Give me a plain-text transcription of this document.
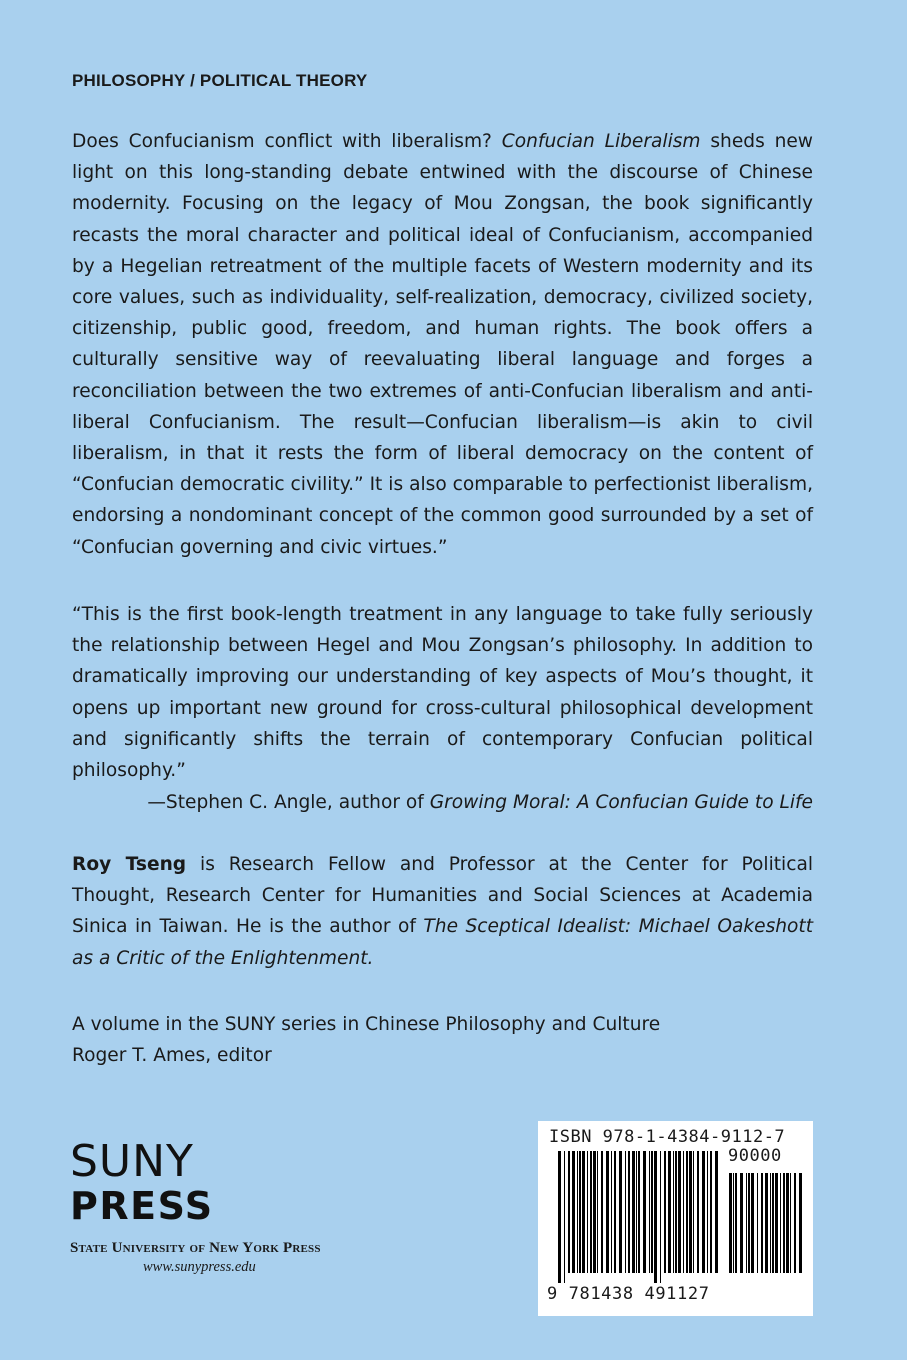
PHILOSOPHY / POLITICAL THEORY

Does Confucianism conflict with liberalism? Confucian Liberalism sheds new light on this long-standing debate entwined with the discourse of Chinese modernity. Focusing on the legacy of Mou Zongsan, the book significantly recasts the moral character and political ideal of Confucianism, accompanied by a Hegelian retreatment of the multiple facets of Western modernity and its core values, such as individuality, self-realization, democracy, civilized society, citizenship, public good, freedom, and human rights. The book offers a culturally sensitive way of reevaluating liberal language and forges a reconciliation between the two extremes of anti-Confucian liberalism and anti-liberal Confucianism. The result—Confucian liberalism—is akin to civil liberalism, in that it rests the form of liberal democracy on the content of “Confucian democratic civility.” It is also comparable to perfectionist liberalism, endorsing a nondominant concept of the common good surrounded by a set of “Confucian governing and civic virtues.”

“This is the first book-length treatment in any language to take fully seriously the relationship between Hegel and Mou Zongsan’s philosophy. In addition to dramatically improving our understanding of key aspects of Mou’s thought, it opens up important new ground for cross-cultural philosophical development and significantly shifts the terrain of contemporary Confucian political philosophy.”

—Stephen C. Angle, author of Growing Moral: A Confucian Guide to Life

Roy Tseng is Research Fellow and Professor at the Center for Political Thought, Research Center for Humanities and Social Sciences at Academia Sinica in Taiwan. He is the author of The Sceptical Idealist: Michael Oakeshott as a Critic of the Enlightenment.

A volume in the SUNY series in Chinese Philosophy and Culture
Roger T. Ames, editor
SUNY
PRESS
State University of New York Press
www.sunypress.edu
ISBN 978-1-4384-9112-7
90000
9 781438 491127
